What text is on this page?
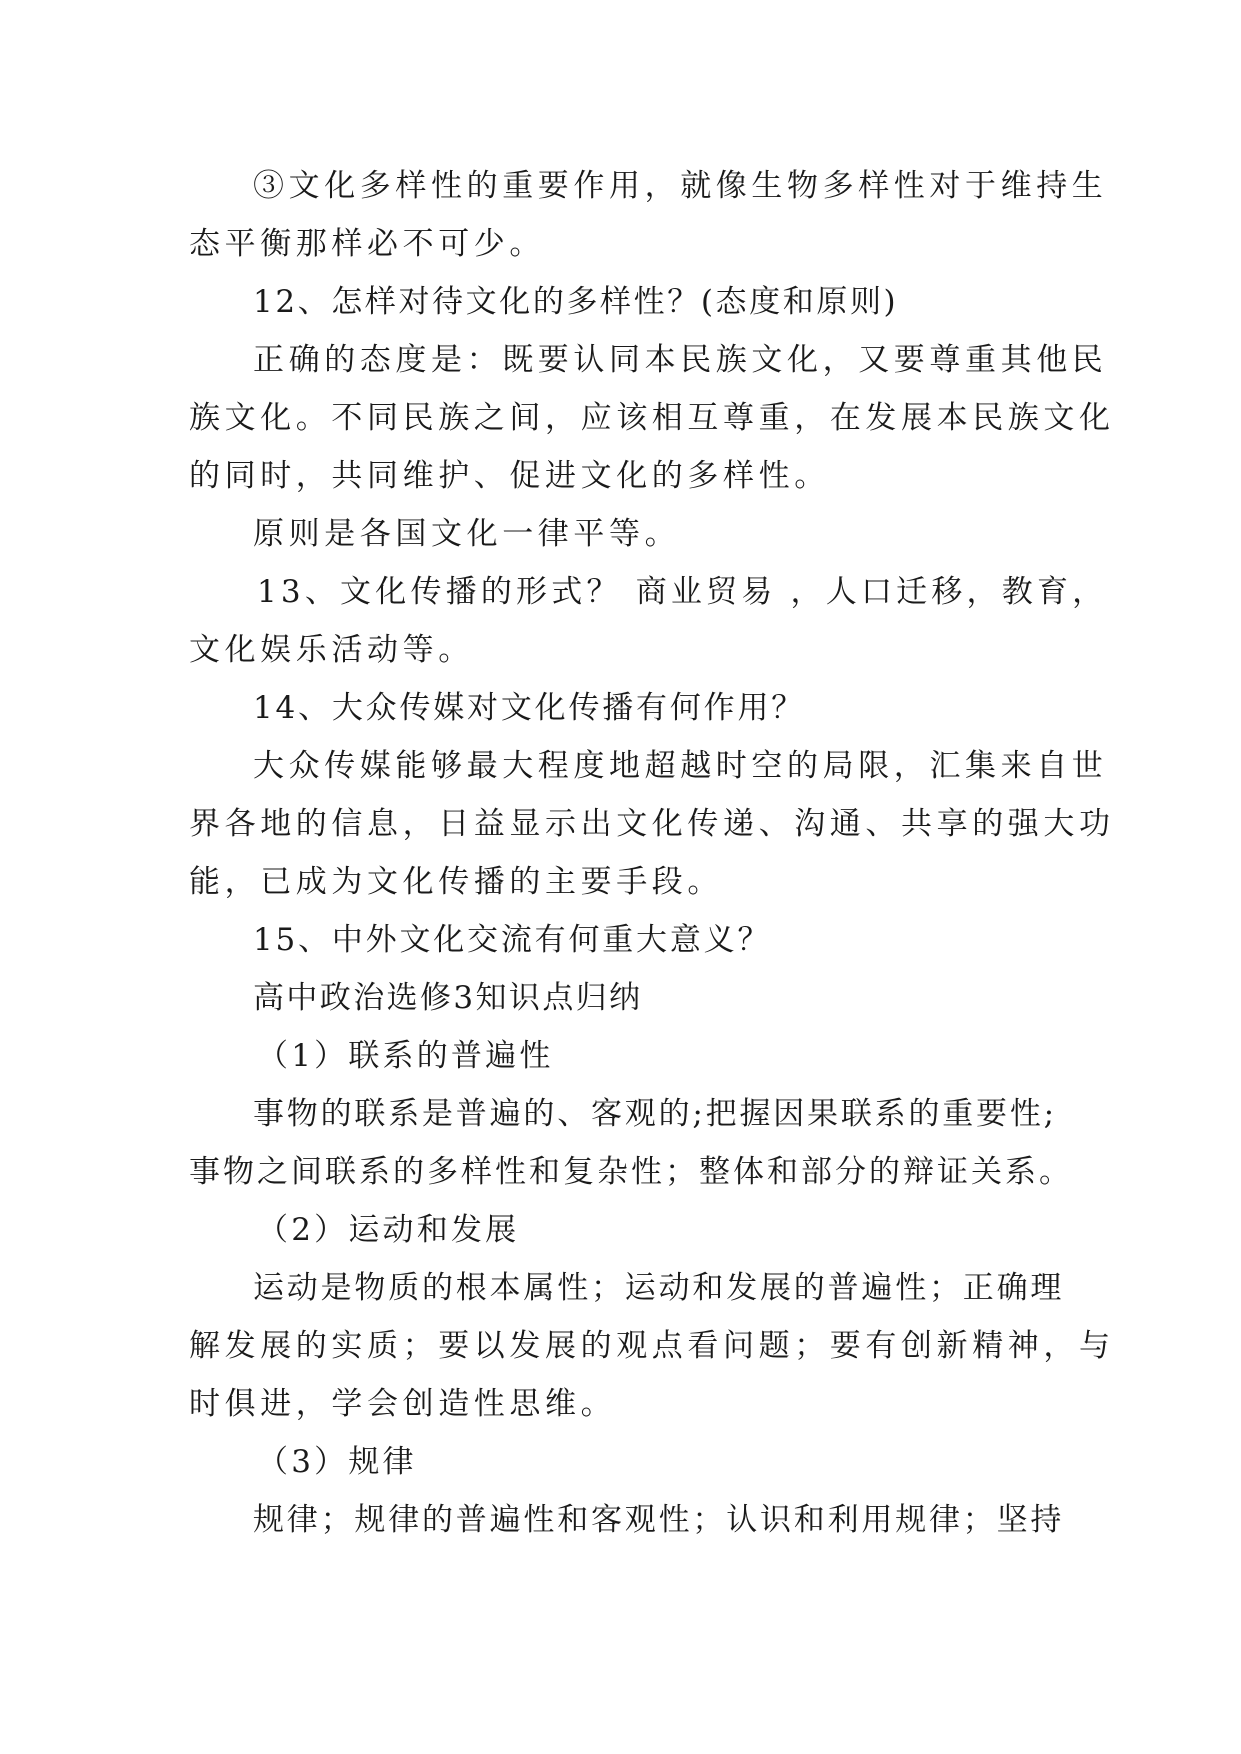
③文化多样性的重要作用，就像生物多样性对于维持生
态平衡那样必不可少。
12、怎样对待文化的多样性？(态度和原则)
正确的态度是：既要认同本民族文化，又要尊重其他民
族文化。不同民族之间，应该相互尊重，在发展本民族文化
的同时，共同维护、促进文化的多样性。
原则是各国文化一律平等。
13、文化传播的形式？ 商业贸易 ，人口迁移，教育，
文化娱乐活动等。
14、大众传媒对文化传播有何作用？
大众传媒能够最大程度地超越时空的局限，汇集来自世
界各地的信息，日益显示出文化传递、沟通、共享的强大功
能，已成为文化传播的主要手段。
15、中外文化交流有何重大意义？
高中政治选修3知识点归纳
（1）联系的普遍性
事物的联系是普遍的、客观的;把握因果联系的重要性;
事物之间联系的多样性和复杂性；整体和部分的辩证关系。
（2）运动和发展
运动是物质的根本属性；运动和发展的普遍性；正确理
解发展的实质；要以发展的观点看问题；要有创新精神，与
时俱进，学会创造性思维。
（3）规律
规律；规律的普遍性和客观性；认识和利用规律；坚持
